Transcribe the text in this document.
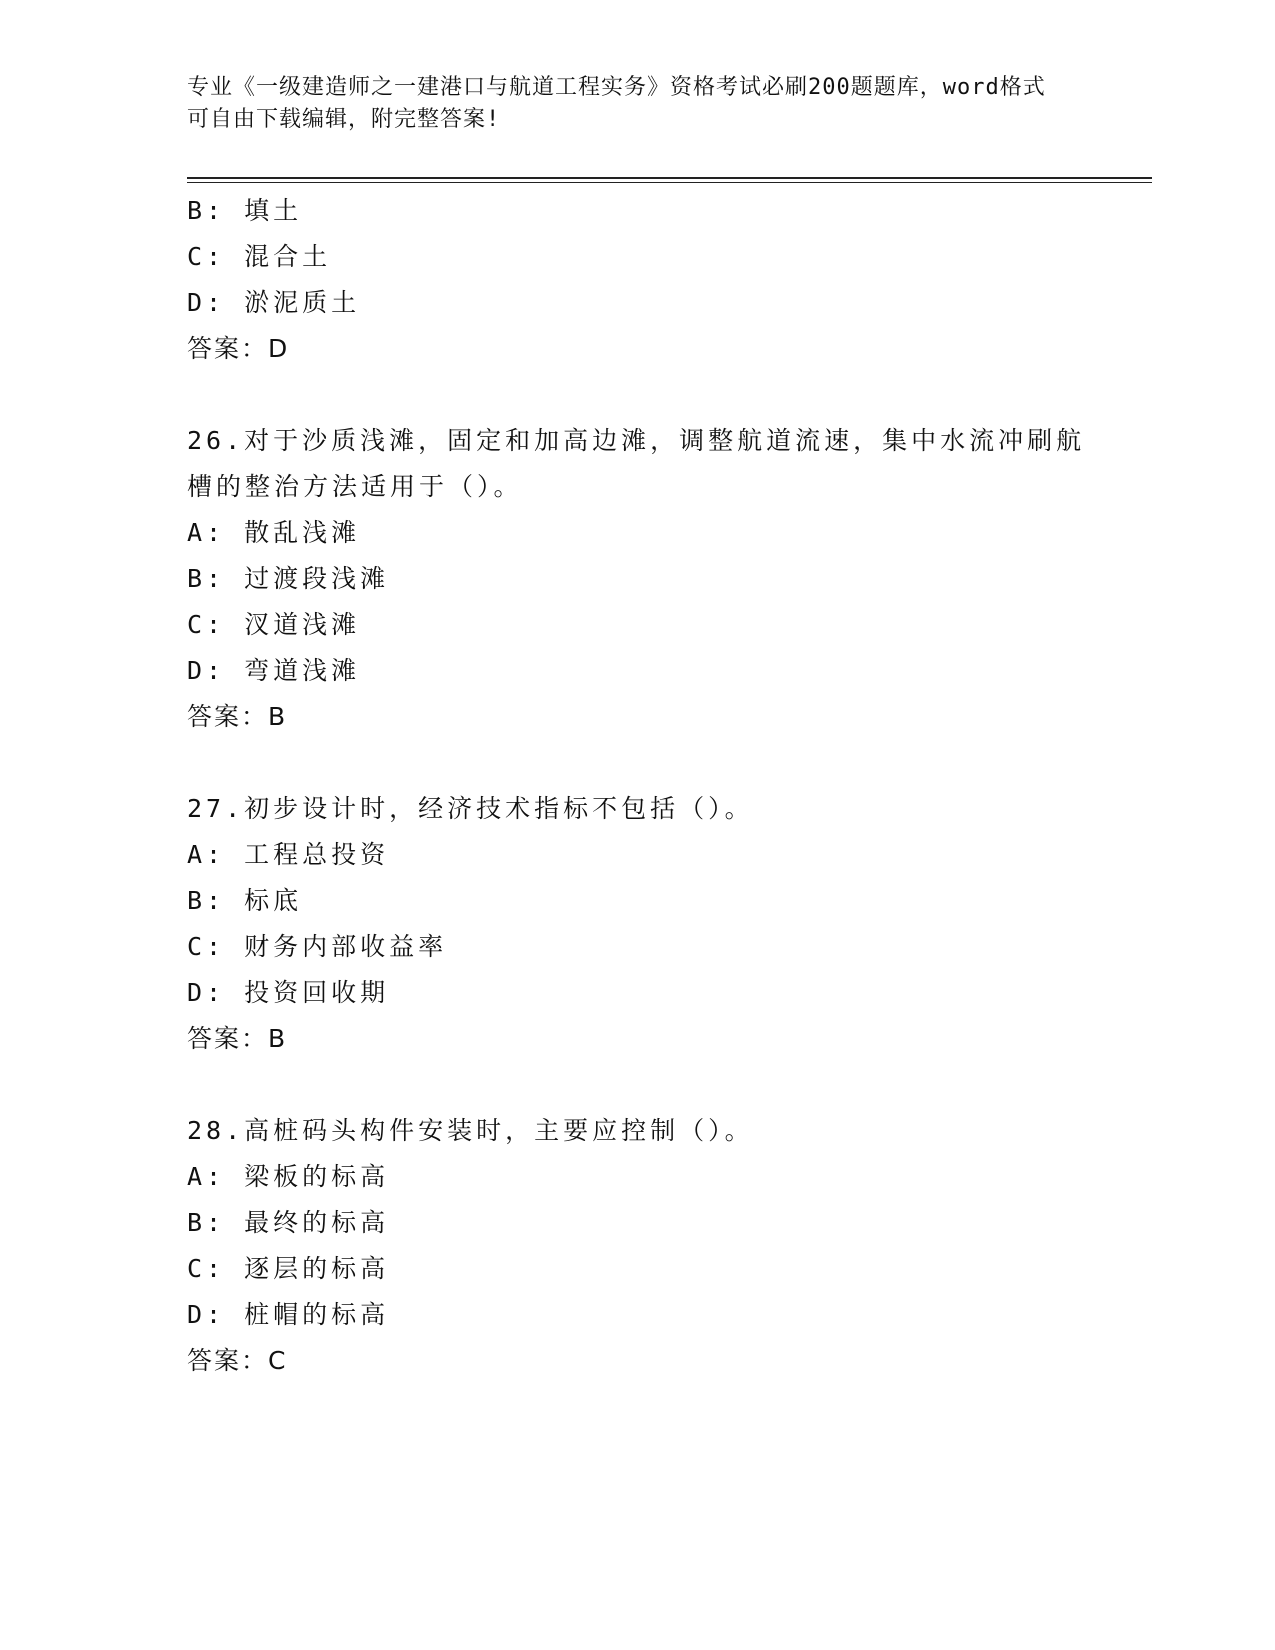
专业《一级建造师之一建港口与航道工程实务》资格考试必刷200题题库，word格式可自由下载编辑，附完整答案!
B: 填土
C: 混合土
D: 淤泥质土
答案：D
26.对于沙质浅滩，固定和加高边滩，调整航道流速，集中水流冲刷航槽的整治方法适用于（）。
A: 散乱浅滩
B: 过渡段浅滩
C: 汊道浅滩
D: 弯道浅滩
答案：B
27.初步设计时，经济技术指标不包括（）。
A: 工程总投资
B: 标底
C: 财务内部收益率
D: 投资回收期
答案：B
28.高桩码头构件安装时，主要应控制（）。
A: 梁板的标高
B: 最终的标高
C: 逐层的标高
D: 桩帽的标高
答案：C
